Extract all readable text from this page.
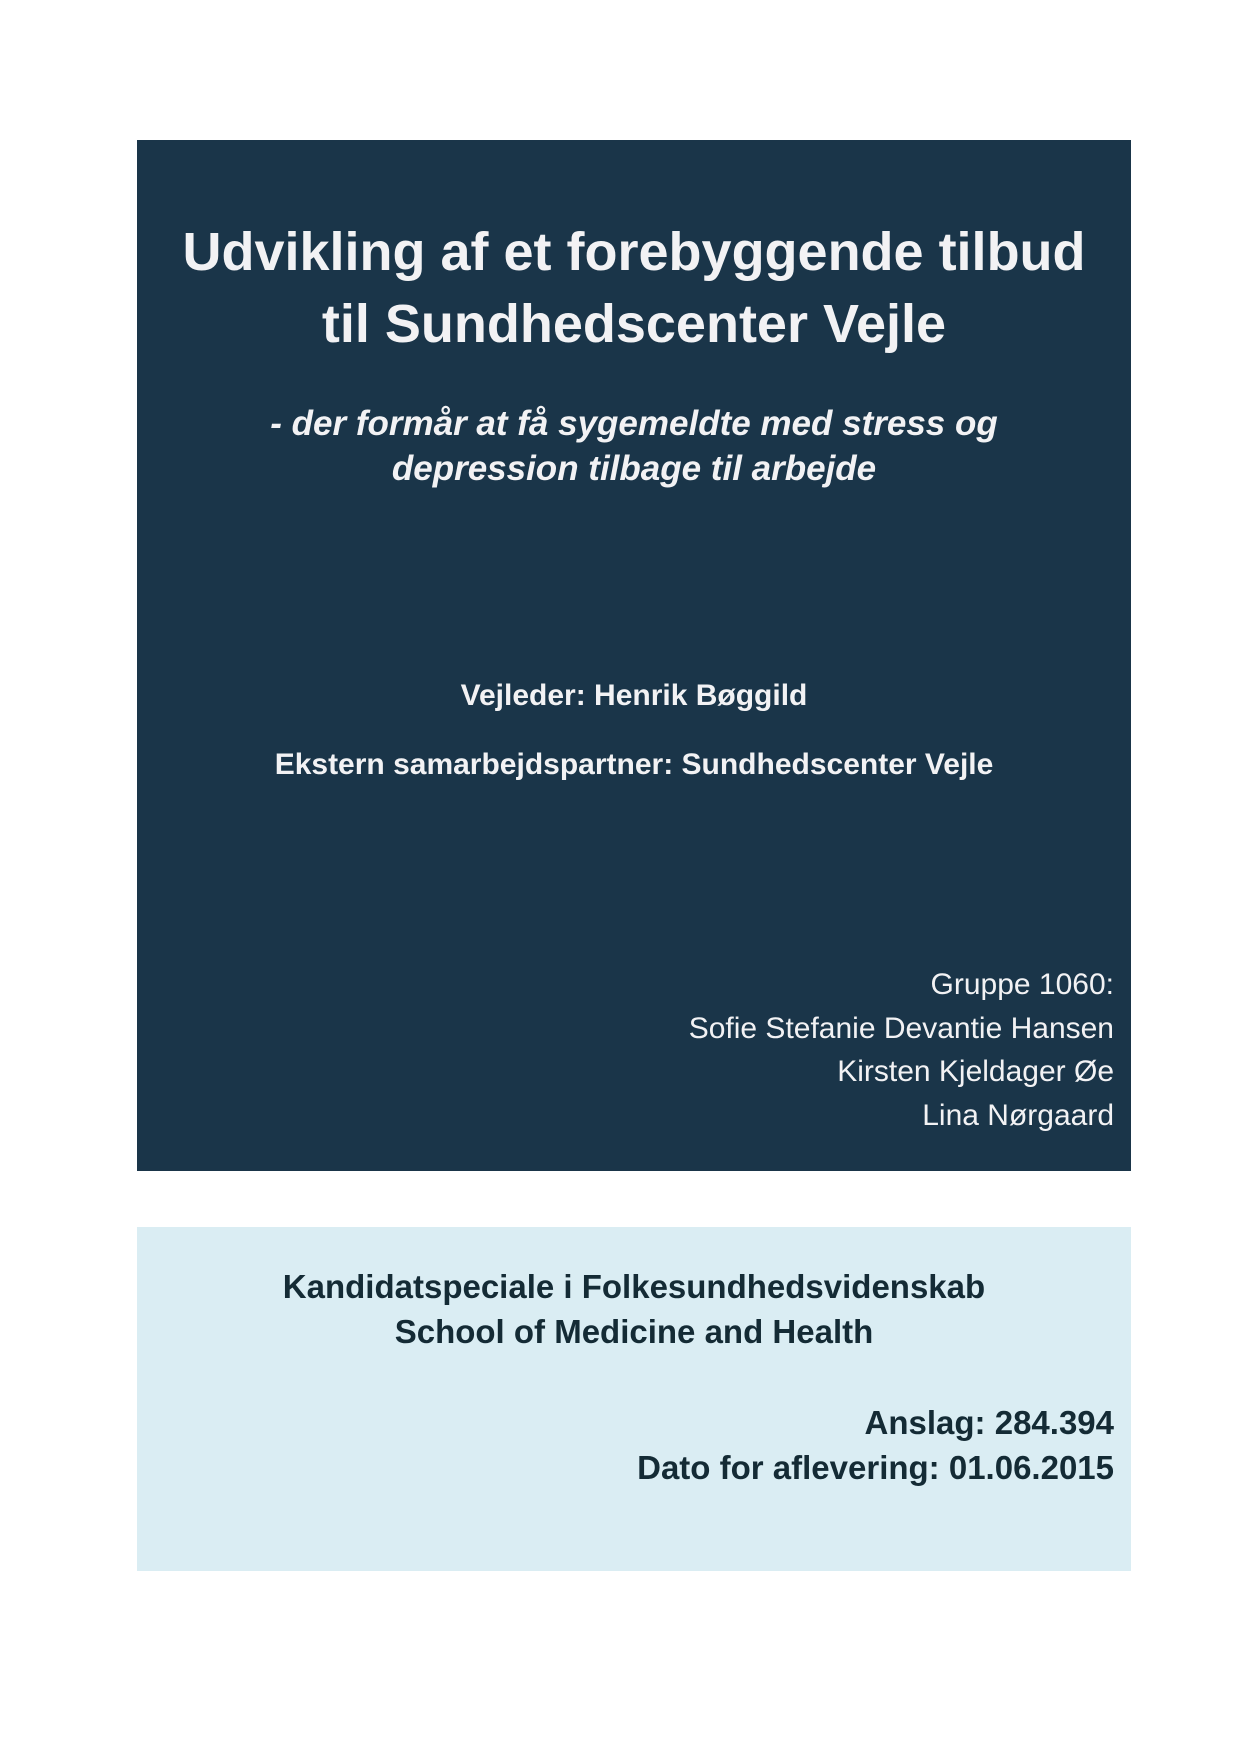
Udvikling af et forebyggende tilbud
til Sundhedscenter Vejle
- der formår at få sygemeldte med stress og
depression tilbage til arbejde
Vejleder: Henrik Bøggild
Ekstern samarbejdspartner: Sundhedscenter Vejle
Gruppe 1060:
Sofie Stefanie Devantie Hansen
Kirsten Kjeldager Øe
Lina Nørgaard
Kandidatspeciale i Folkesundhedsvidenskab
School of Medicine and Health
Anslag: 284.394
Dato for aflevering: 01.06.2015
